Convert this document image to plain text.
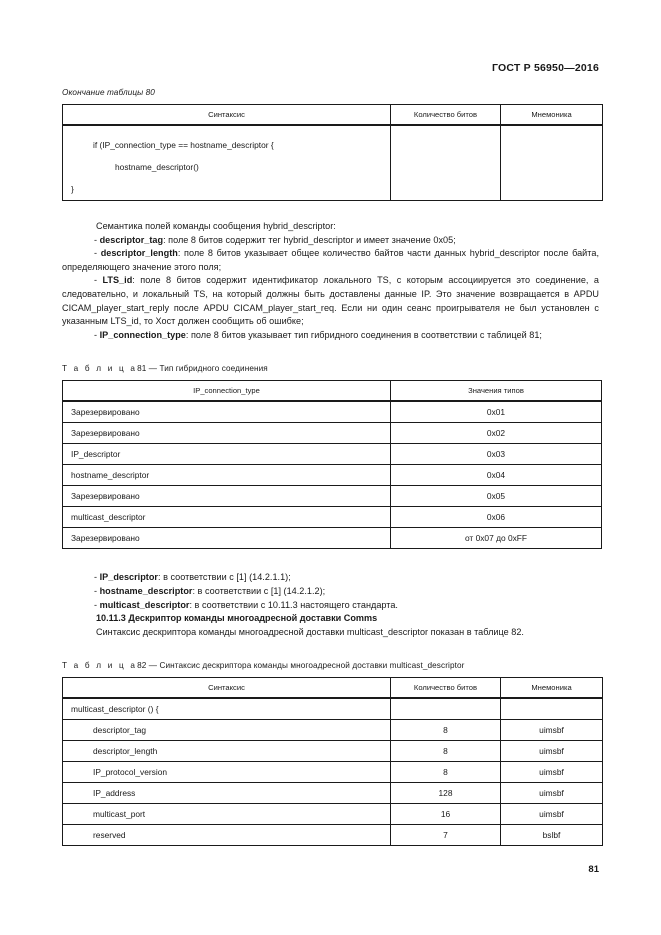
ГОСТ Р 56950—2016
Окончание таблицы 80
Синтаксис	Количество битов	Мнемоника

if (IP_connection_type == hostname_descriptor {
hostname_descriptor()
}		

Семантика полей команды сообщения hybrid_descriptor:

- descriptor_tag: поле 8 битов содержит тег hybrid_descriptor и имеет значение 0x05;

- descriptor_length: поле 8 битов указывает общее количество байтов части данных hybrid_descriptor после байта, определяющего значение этого поля;

- LTS_id: поле 8 битов содержит идентификатор локального TS, с которым ассоциируется это соединение, а следовательно, и локальный TS, на который должны быть доставлены данные IP. Это значение возвращается в APDU CICAM_player_start_reply после APDU CICAM_player_start_req. Если ни один сеанс проигрывателя не был установлен с указанным LTS_id, то Хост должен сообщить об ошибке;

- IP_connection_type: поле 8 битов указывает тип гибридного соединения в соответствии с таблицей 81;

Т а б л и ц а81 — Тип гибридного соединения
IP_connection_type	Значения типов

Зарезервировано	0x01

Зарезервировано	0x02

IP_descriptor	0x03

hostname_descriptor	0x04

Зарезервировано	0x05

multicast_descriptor	0x06

Зарезервировано	от 0x07 до 0xFF

- IP_descriptor: в соответствии с [1] (14.2.1.1);

- hostname_descriptor: в соответствии с [1] (14.2.1.2);

- multicast_descriptor: в соответствии с 10.11.3 настоящего стандарта.

10.11.3 Дескриптор команды многоадресной доставки Comms

Синтаксис дескриптора команды многоадресной доставки multicast_descriptor показан в таблице 82.

Т а б л и ц а82 — Синтаксис дескриптора команды многоадресной доставки multicast_descriptor
Синтаксис	Количество битов	Мнемоника

multicast_descriptor () {		

descriptor_tag	8	uimsbf

descriptor_length	8	uimsbf

IP_protocol_version	8	uimsbf

IP_address	128	uimsbf

multicast_port	16	uimsbf

reserved	7	bslbf
81
